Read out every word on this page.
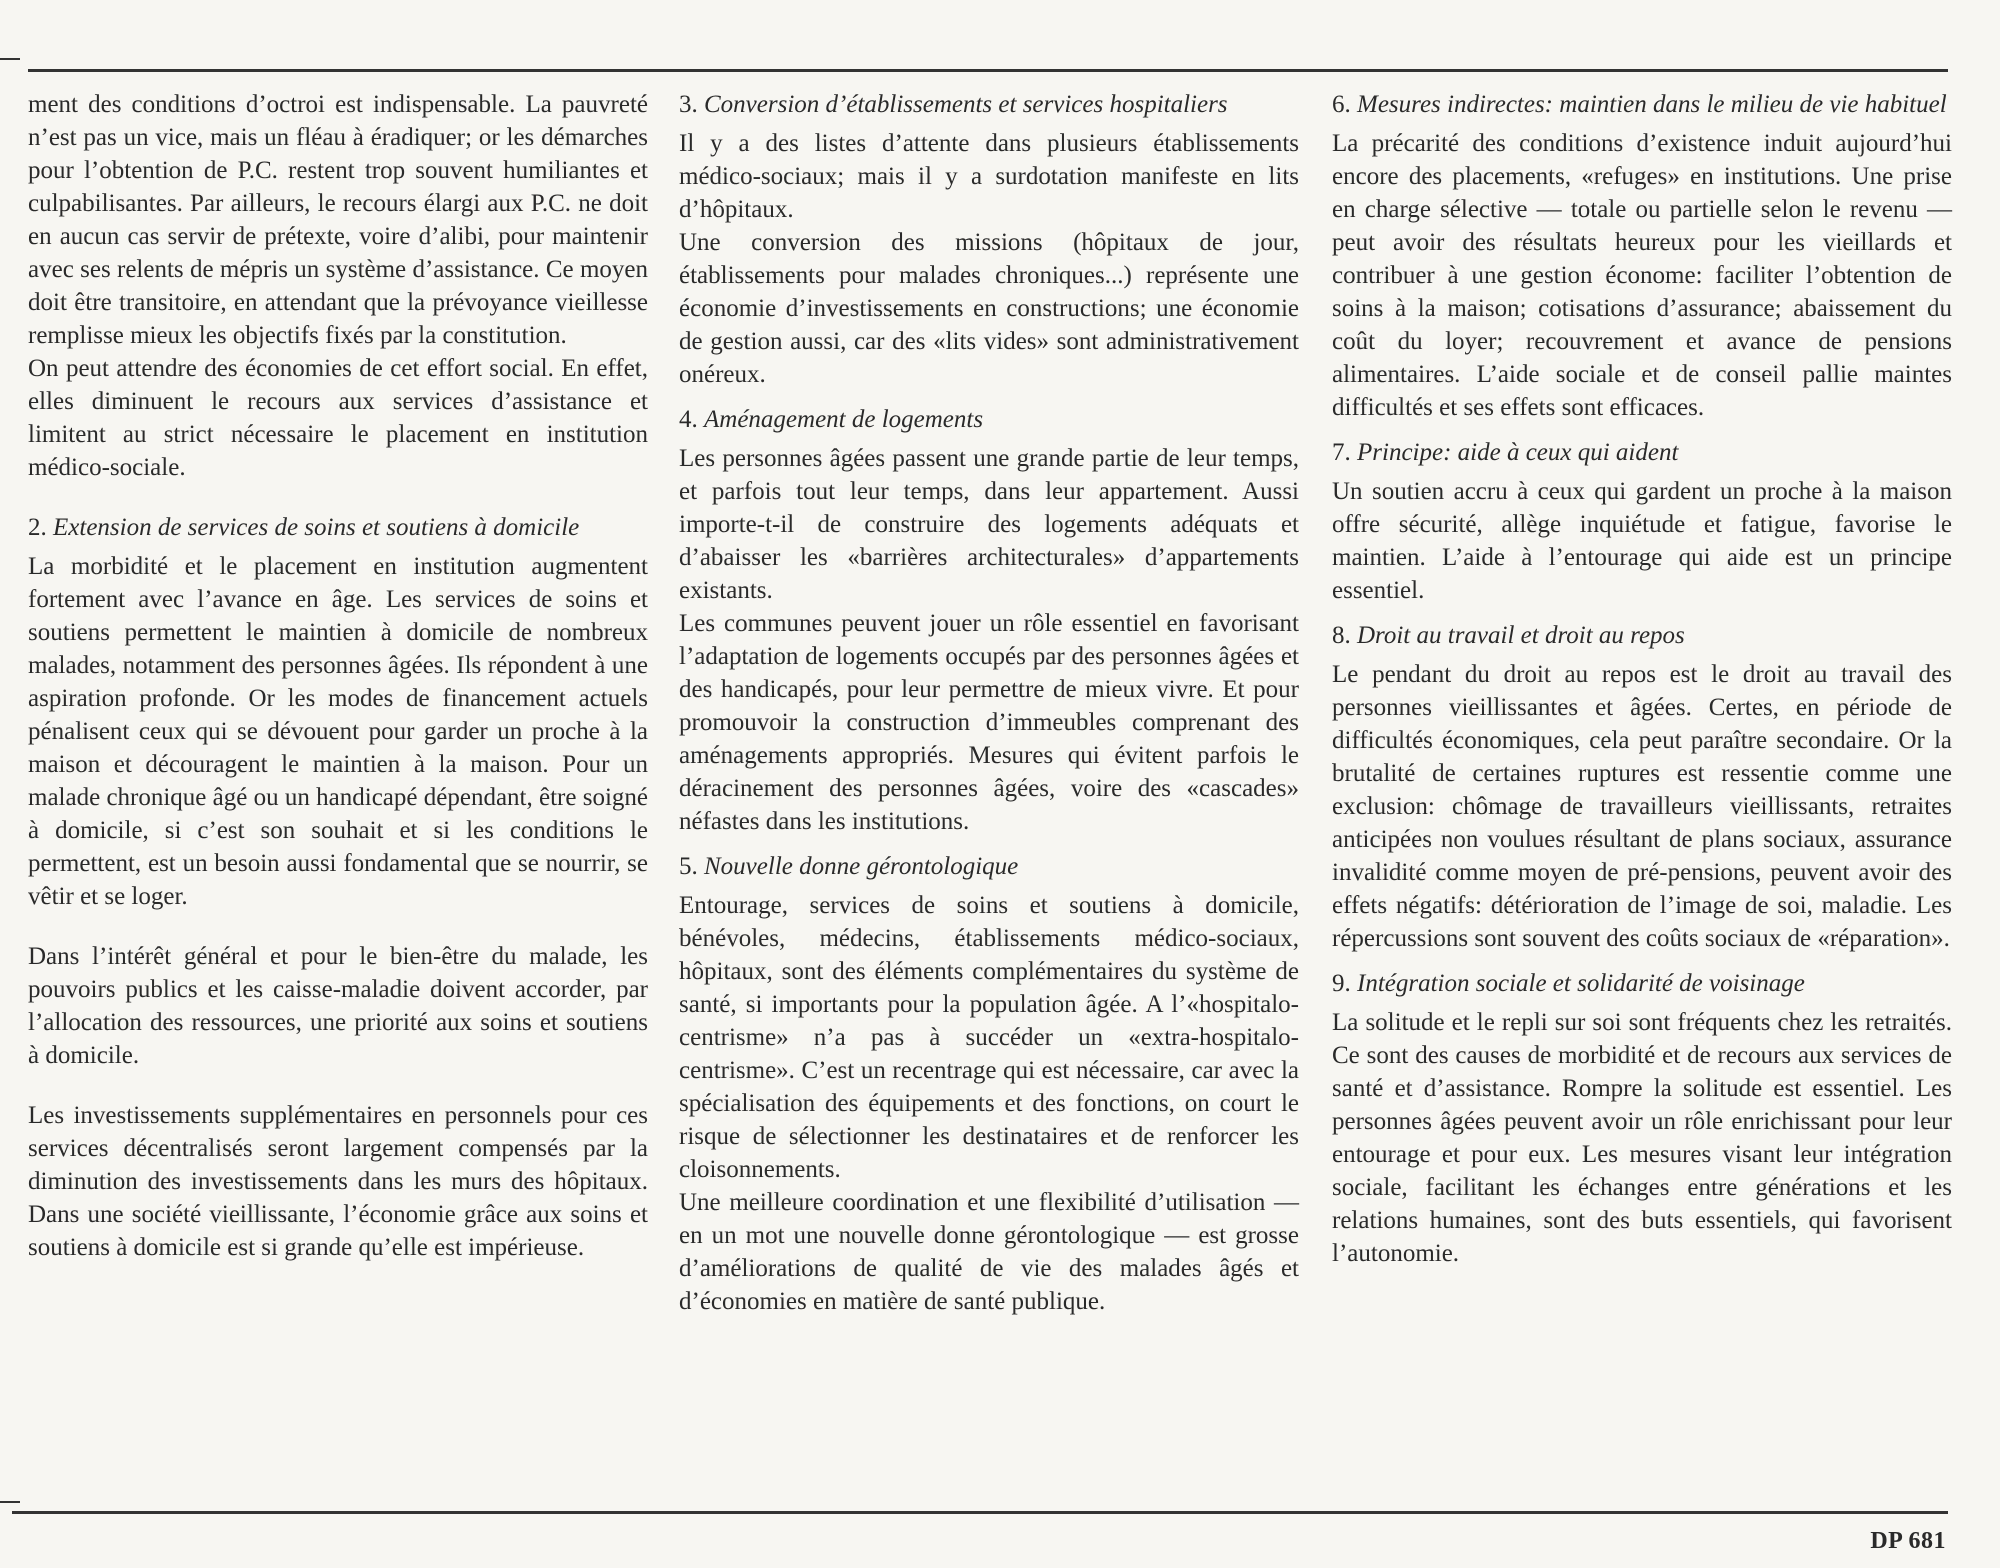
ment des conditions d’octroi est indispensable. La pauvreté n’est pas un vice, mais un fléau à éradiquer; or les démarches pour l’obtention de P.C. restent trop souvent humiliantes et culpabilisantes. Par ailleurs, le recours élargi aux P.C. ne doit en aucun cas servir de prétexte, voire d’alibi, pour maintenir avec ses relents de mépris un système d’assistance. Ce moyen doit être transitoire, en attendant que la prévoyance vieillesse remplisse mieux les objectifs fixés par la constitution.

On peut attendre des économies de cet effort social. En effet, elles diminuent le recours aux services d’assistance et limitent au strict nécessaire le placement en institution médico-sociale.

2. Extension de services de soins et soutiens à domicile

La morbidité et le placement en institution augmentent fortement avec l’avance en âge. Les services de soins et soutiens permettent le maintien à domicile de nombreux malades, notamment des personnes âgées. Ils répondent à une aspiration profonde. Or les modes de financement actuels pénalisent ceux qui se dévouent pour garder un proche à la maison et découragent le maintien à la maison. Pour un malade chronique âgé ou un handicapé dépendant, être soigné à domicile, si c’est son souhait et si les conditions le permettent, est un besoin aussi fondamental que se nourrir, se vêtir et se loger.

Dans l’intérêt général et pour le bien-être du malade, les pouvoirs publics et les caisse-maladie doivent accorder, par l’allocation des ressources, une priorité aux soins et soutiens à domicile.

Les investissements supplémentaires en personnels pour ces services décentralisés seront largement compensés par la diminution des investissements dans les murs des hôpitaux. Dans une société vieillissante, l’économie grâce aux soins et soutiens à domicile est si grande qu’elle est impérieuse.

3. Conversion d’établissements et services hospitaliers

Il y a des listes d’attente dans plusieurs établissements médico-sociaux; mais il y a surdotation manifeste en lits d’hôpitaux.

Une conversion des missions (hôpitaux de jour, établissements pour malades chroniques...) représente une économie d’investissements en constructions; une économie de gestion aussi, car des «lits vides» sont administrativement onéreux.

4. Aménagement de logements

Les personnes âgées passent une grande partie de leur temps, et parfois tout leur temps, dans leur appartement. Aussi importe-t-il de construire des logements adéquats et d’abaisser les «barrières architecturales» d’appartements existants.

Les communes peuvent jouer un rôle essentiel en favorisant l’adaptation de logements occupés par des personnes âgées et des handicapés, pour leur permettre de mieux vivre. Et pour promouvoir la construction d’immeubles comprenant des aménagements appropriés. Mesures qui évitent parfois le déracinement des personnes âgées, voire des «cascades» néfastes dans les institutions.

5. Nouvelle donne gérontologique

Entourage, services de soins et soutiens à domicile, bénévoles, médecins, établissements médico-sociaux, hôpitaux, sont des éléments complémentaires du système de santé, si importants pour la population âgée. A l’«hospitalo-centrisme» n’a pas à succéder un «extra-hospitalo-centrisme». C’est un recentrage qui est nécessaire, car avec la spécialisation des équipements et des fonctions, on court le risque de sélectionner les destinataires et de renforcer les cloisonnements.

Une meilleure coordination et une flexibilité d’utilisation — en un mot une nouvelle donne gérontologique — est grosse d’améliorations de qualité de vie des malades âgés et d’économies en matière de santé publique.

6. Mesures indirectes: maintien dans le milieu de vie habituel

La précarité des conditions d’existence induit aujourd’hui encore des placements, «refuges» en institutions. Une prise en charge sélective — totale ou partielle selon le revenu — peut avoir des résultats heureux pour les vieillards et contribuer à une gestion économe: faciliter l’obtention de soins à la maison; cotisations d’assurance; abaissement du coût du loyer; recouvrement et avance de pensions alimentaires. L’aide sociale et de conseil pallie maintes difficultés et ses effets sont efficaces.

7. Principe: aide à ceux qui aident

Un soutien accru à ceux qui gardent un proche à la maison offre sécurité, allège inquiétude et fatigue, favorise le maintien. L’aide à l’entourage qui aide est un principe essentiel.

8. Droit au travail et droit au repos

Le pendant du droit au repos est le droit au travail des personnes vieillissantes et âgées. Certes, en période de difficultés économiques, cela peut paraître secondaire. Or la brutalité de certaines ruptures est ressentie comme une exclusion: chômage de travailleurs vieillissants, retraites anticipées non voulues résultant de plans sociaux, assurance invalidité comme moyen de pré-pensions, peuvent avoir des effets négatifs: détérioration de l’image de soi, maladie. Les répercussions sont souvent des coûts sociaux de «réparation».

9. Intégration sociale et solidarité de voisinage

La solitude et le repli sur soi sont fréquents chez les retraités. Ce sont des causes de morbidité et de recours aux services de santé et d’assistance. Rompre la solitude est essentiel. Les personnes âgées peuvent avoir un rôle enrichissant pour leur entourage et pour eux. Les mesures visant leur intégration sociale, facilitant les échanges entre générations et les relations humaines, sont des buts essentiels, qui favorisent l’autonomie.

DP 681
